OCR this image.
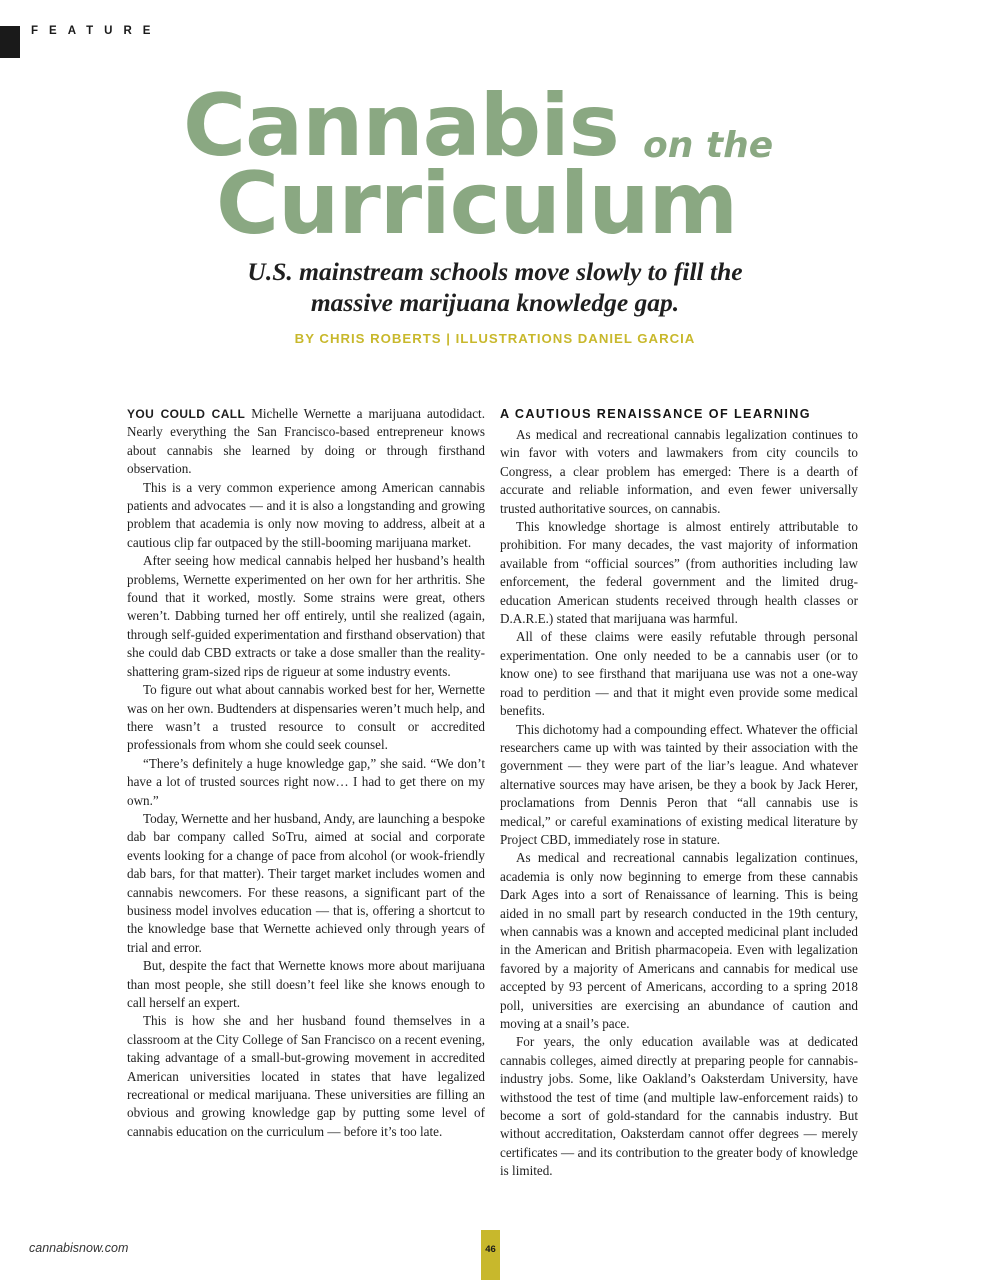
FEATURE
Cannabis on the
Curriculum
U.S. mainstream schools move slowly to fill the
massive marijuana knowledge gap.
BY CHRIS ROBERTS | ILLUSTRATIONS DANIEL GARCIA

YOU COULD CALL Michelle Wernette a marijuana autodidact. Nearly everything the San Francisco-based entrepreneur knows about cannabis she learned by doing or through firsthand observation.

This is a very common experience among American cannabis patients and advocates — and it is also a longstanding and growing problem that academia is only now moving to address, albeit at a cautious clip far outpaced by the still-booming marijuana market.

After seeing how medical cannabis helped her husband’s health problems, Wernette experimented on her own for her arthritis. She found that it worked, mostly. Some strains were great, others weren’t. Dabbing turned her off entirely, until she realized (again, through self-guided experimentation and firsthand observation) that she could dab CBD extracts or take a dose smaller than the reality-shattering gram-sized rips de rigueur at some industry events.

To figure out what about cannabis worked best for her, Wernette was on her own. Budtenders at dispensaries weren’t much help, and there wasn’t a trusted resource to consult or accredited professionals from whom she could seek counsel.

“There’s definitely a huge knowledge gap,” she said. “We don’t have a lot of trusted sources right now… I had to get there on my own.”

Today, Wernette and her husband, Andy, are launching a bespoke dab bar company called SoTru, aimed at social and corporate events looking for a change of pace from alcohol (or wook-friendly dab bars, for that matter). Their target market includes women and cannabis newcomers. For these reasons, a significant part of the business model involves education — that is, offering a shortcut to the knowledge base that Wernette achieved only through years of trial and error.

But, despite the fact that Wernette knows more about marijuana than most people, she still doesn’t feel like she knows enough to call herself an expert.

This is how she and her husband found themselves in a classroom at the City College of San Francisco on a recent evening, taking advantage of a small-but-growing movement in accredited American universities located in states that have legalized recreational or medical marijuana. These universities are filling an obvious and growing knowledge gap by putting some level of cannabis education on the curriculum — before it’s too late.

A CAUTIOUS RENAISSANCE OF LEARNING

As medical and recreational cannabis legalization continues to win favor with voters and lawmakers from city councils to Congress, a clear problem has emerged: There is a dearth of accurate and reliable information, and even fewer universally trusted authoritative sources, on cannabis.

This knowledge shortage is almost entirely attributable to prohibition. For many decades, the vast majority of information available from “official sources” (from authorities including law enforcement, the federal government and the limited drug-education American students received through health classes or D.A.R.E.) stated that marijuana was harmful.

All of these claims were easily refutable through personal experimentation. One only needed to be a cannabis user (or to know one) to see firsthand that marijuana use was not a one-way road to perdition — and that it might even provide some medical benefits.

This dichotomy had a compounding effect. Whatever the official researchers came up with was tainted by their association with the government — they were part of the liar’s league. And whatever alternative sources may have arisen, be they a book by Jack Herer, proclamations from Dennis Peron that “all cannabis use is medical,” or careful examinations of existing medical literature by Project CBD, immediately rose in stature.

As medical and recreational cannabis legalization continues, academia is only now beginning to emerge from these cannabis Dark Ages into a sort of Renaissance of learning. This is being aided in no small part by research conducted in the 19th century, when cannabis was a known and accepted medicinal plant included in the American and British pharmacopeia. Even with legalization favored by a majority of Americans and cannabis for medical use accepted by 93 percent of Americans, according to a spring 2018 poll, universities are exercising an abundance of caution and moving at a snail’s pace.

For years, the only education available was at dedicated cannabis colleges, aimed directly at preparing people for cannabis-industry jobs. Some, like Oakland’s Oaksterdam University, have withstood the test of time (and multiple law-enforcement raids) to become a sort of gold-standard for the cannabis industry. But without accreditation, Oaksterdam cannot offer degrees — merely certificates — and its contribution to the greater body of knowledge is limited.

cannabisnow.com	46
